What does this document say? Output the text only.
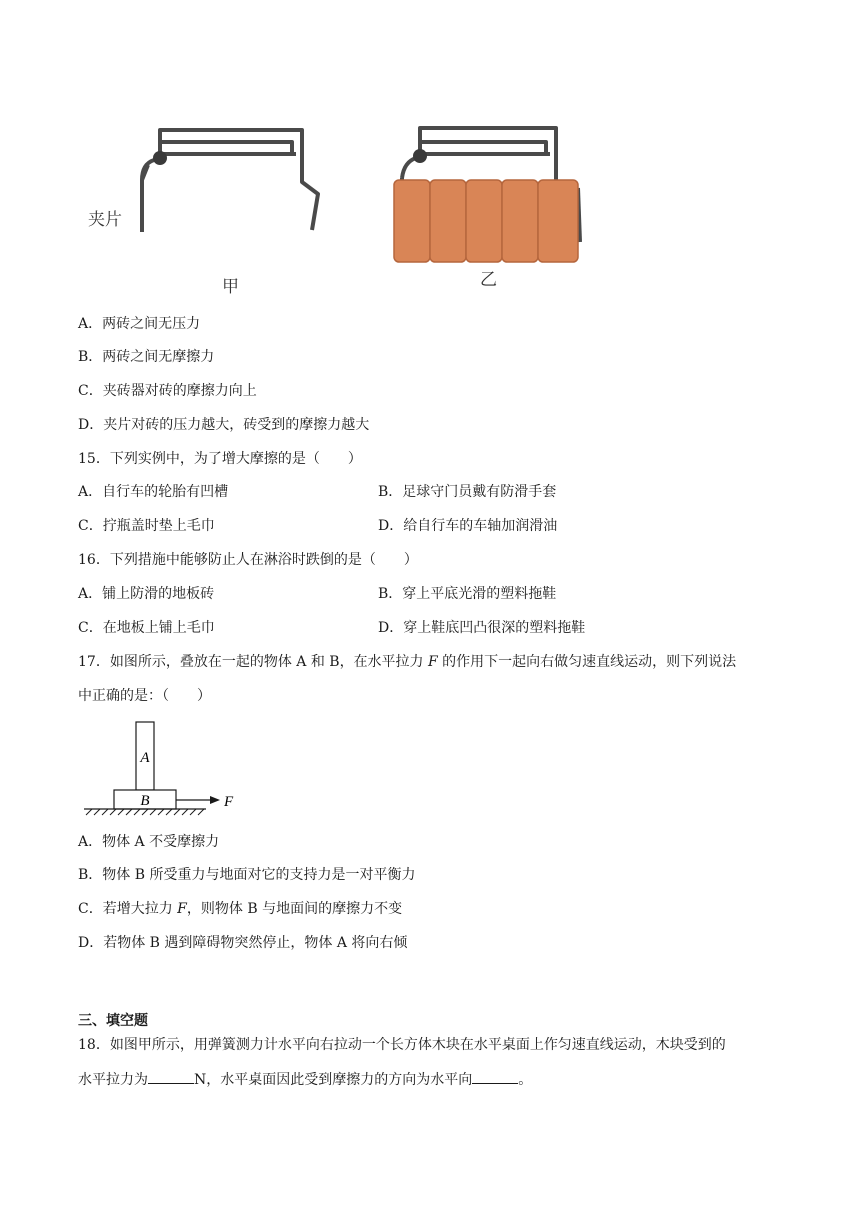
夹片
甲	乙
A．两砖之间无压力
B．两砖之间无摩擦力
C．夹砖器对砖的摩擦力向上
D．夹片对砖的压力越大，砖受到的摩擦力越大
15．下列实例中，为了增大摩擦的是（　　）
A．自行车的轮胎有凹槽	B．足球守门员戴有防滑手套
C．拧瓶盖时垫上毛巾	D．给自行车的车轴加润滑油
16．下列措施中能够防止人在淋浴时跌倒的是（　　）
A．铺上防滑的地板砖	B．穿上平底光滑的塑料拖鞋
C．在地板上铺上毛巾	D．穿上鞋底凹凸很深的塑料拖鞋
17．如图所示，叠放在一起的物体 A 和 B，在水平拉力 F 的作用下一起向右做匀速直线运动，则下列说法
中正确的是：（　　）
A
B	F
A．物体 A 不受摩擦力
B．物体 B 所受重力与地面对它的支持力是一对平衡力
C．若增大拉力 F，则物体 B 与地面间的摩擦力不变
D．若物体 B 遇到障碍物突然停止，物体 A 将向右倾
三、填空题
18．如图甲所示，用弹簧测力计水平向右拉动一个长方体木块在水平桌面上作匀速直线运动，木块受到的
水平拉力为	N，水平桌面因此受到摩擦力的方向为水平向	。
